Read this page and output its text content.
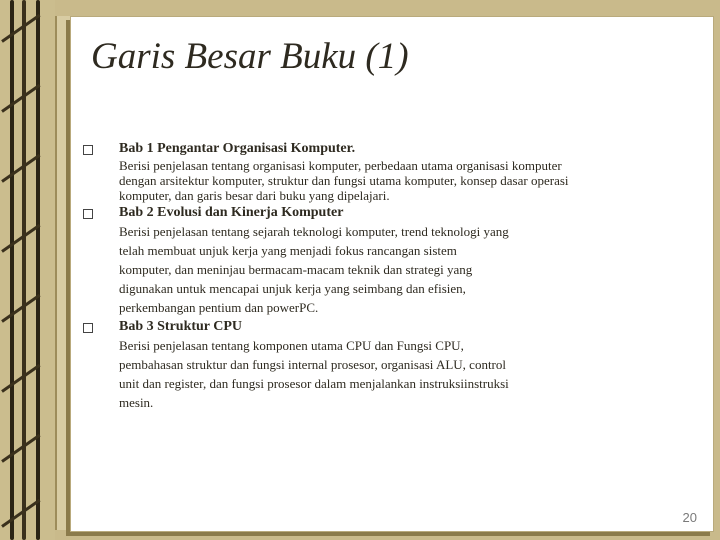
Garis Besar Buku (1)
Bab 1 Pengantar Organisasi Komputer.
Berisi penjelasan tentang organisasi komputer, perbedaan utama organisasi komputer
dengan arsitektur komputer, struktur dan fungsi utama komputer, konsep dasar operasi
komputer, dan garis besar dari buku yang dipelajari.
Bab 2 Evolusi dan Kinerja Komputer
Berisi penjelasan tentang sejarah teknologi komputer, trend teknologi yang
telah membuat unjuk kerja yang menjadi fokus rancangan sistem
komputer, dan meninjau bermacam-macam teknik dan strategi yang
digunakan untuk mencapai unjuk kerja yang seimbang dan efisien,
perkembangan pentium dan powerPC.
Bab 3 Struktur CPU
Berisi penjelasan tentang komponen utama CPU dan Fungsi CPU,
pembahasan struktur dan fungsi internal prosesor, organisasi ALU, control
unit dan register, dan fungsi prosesor dalam menjalankan instruksiinstruksi
mesin.
20
